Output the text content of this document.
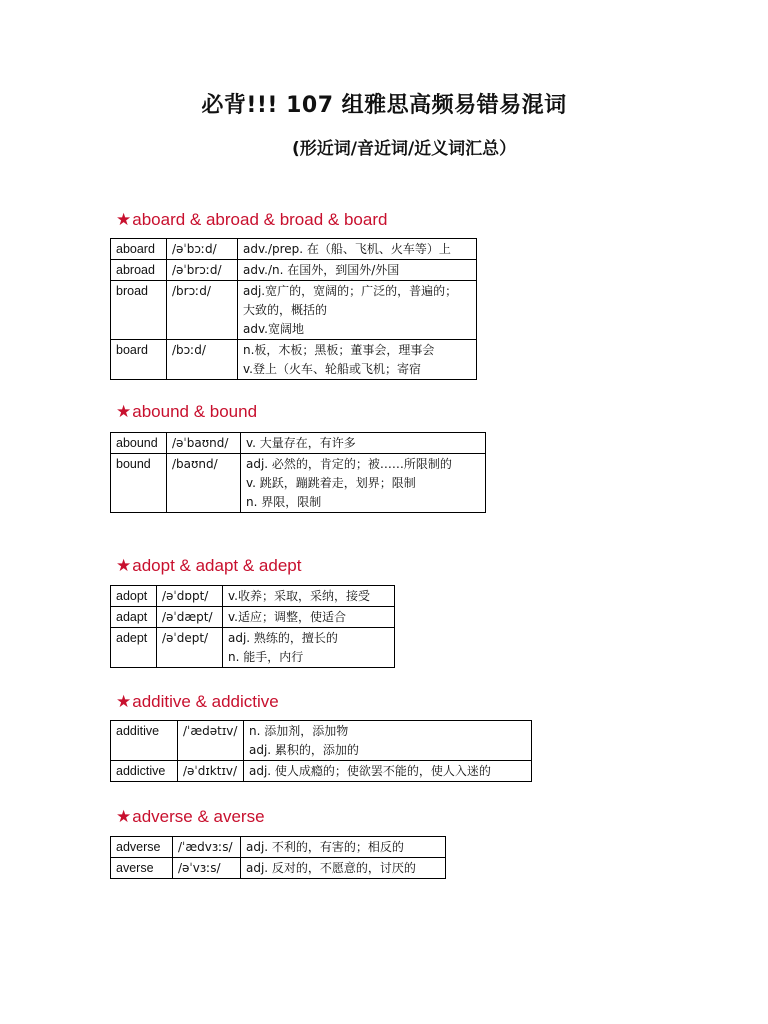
必背!!! 107 组雅思高频易错易混词
(形近词/音近词/近义词汇总）
★aboard & abroad & broad & board
aboard	/əˈbɔːd/	adv./prep. 在（船、飞机、火车等）上

abroad	/əˈbrɔːd/	adv./n. 在国外，到国外/外国

broad	/brɔːd/	adj.宽广的，宽阔的；广泛的，普遍的；
大致的，概括的
adv.宽阔地

board	/bɔːd/	n.板，木板；黑板；董事会，理事会
v.登上（火车、轮船或飞机；寄宿
★abound & bound
abound	/əˈbaʊnd/	v. 大量存在，有许多

bound	/baʊnd/	adj. 必然的，肯定的；被……所限制的
v. 跳跃，蹦跳着走，划界；限制
n. 界限，限制
★adopt & adapt & adept
adopt	/əˈdɒpt/	v.收养；采取，采纳，接受

adapt	/əˈdæpt/	v.适应；调整，使适合

adept	/əˈdept/	adj. 熟练的，擅长的
n. 能手，内行
★additive & addictive
additive	/ˈædətɪv/	n. 添加剂，添加物
adj. 累积的，添加的

addictive	/əˈdɪktɪv/	adj. 使人成瘾的；使欲罢不能的，使人入迷的
★adverse & averse
adverse	/ˈædvɜːs/	adj. 不利的，有害的；相反的

averse	/əˈvɜːs/	adj. 反对的，不愿意的，讨厌的
